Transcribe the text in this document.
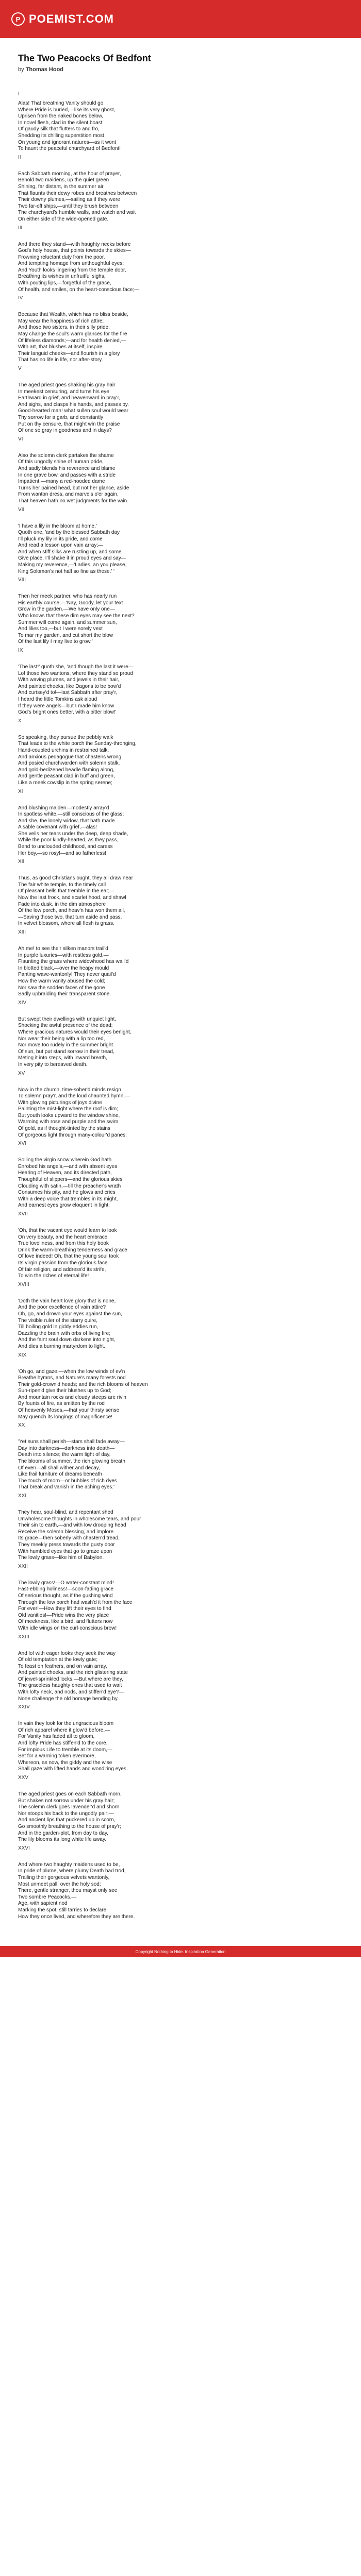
P POEMIST.COM
The Two Peacocks Of Bedfont
by Thomas Hood
I
Alas! That breathing Vanity should go
Where Pride is buried,—like its very ghost,
Uprisen from the naked bones below,
In novel flesh, clad in the silent boast
Of gaudy silk that flutters to and fro,
Shedding its chilling superstition most
On young and ignorant natures—as it wont
To haunt the peaceful churchyard of Bedfont!
II
Each Sabbath morning, at the hour of prayer,
Behold two maidens, up the quiet green
Shining, far distant, in the summer air
That flaunts their dewy robes and breathes between
Their downy plumes,—sailing as if they were
Two far-off ships,—until they brush between
The churchyard's humble walls, and watch and wait
On either side of the wide-opened gate.
III
And there they stand—with haughty necks before
God's holy house, that points towards the skies—
Frowning reluctant duty from the poor,
And tempting homage from unthoughtful eyes:
And Youth looks lingering from the temple door,
Breathing its wishes in unfruitful sighs,
With pouting lips,—forgetful of the grace,
Of health, and smiles, on the heart-conscious face;—
IV
Because that Wealth, which has no bliss beside,
May wear the happiness of rich attire;
And those two sisters, in their silly pride,
May change the soul's warm glances for the fire
Of lifeless diamonds;—and for health denied,—
With art, that blushes at itself, inspire
Their languid cheeks—and flourish in a glory
That has no life in life, nor after-story.
V
The aged priest goes shaking his gray hair
In meekest censuring, and turns his eye
Earthward in grief, and heavenward in pray'r,
And sighs, and clasps his hands, and passes by.
Good-hearted man! what sullen soul would wear
Thy sorrow for a garb, and constantly
Put on thy censure, that might win the praise
Of one so gray in goodness and in days?
VI
Also the solemn clerk partakes the shame
Of this ungodly shine of human pride,
And sadly blends his reverence and blame
In one grave bow, and passes with a stride
Impatient:—many a red-hooded dame
Turns her pained head, but not her glance, aside
From wanton dress, and marvels o'er again,
That heaven hath no wet judgments for the vain.
VII
'I have a lily in the bloom at home,'
Quoth one, 'and by the blessed Sabbath day
I'll pluck my lily in its pride, and come
And read a lesson upon vain array;—
And when stiff silks are rustling up, and some
Give place, I'll shake it in proud eyes and say—
Making my reverence,—'Ladies, an you please,
King Solomon's not half so fine as these.' '
VIII
Then her meek partner, who has nearly run
His earthly course,—'Nay, Goody, let your text
Grow in the garden.—We have only one—
Who knows that these dim eyes may see the next?
Summer will come again, and summer sun,
And lilies too,—but I were sorely vext
To mar my garden, and cut short the blow
Of the last lily I may live to grow.'
IX
'The last!' quoth she, 'and though the last it were—
Lo! those two wantons, where they stand so proud
With waving plumes, and jewels in their hair,
And painted cheeks, like Dagons to be bow'd
And curtsey'd to!—last Sabbath after pray'r,
I heard the little Tomkins ask aloud
If they were angels—but I made him know
God's bright ones better, with a bitter blow!'
X
So speaking, they pursue the pebbly walk
That leads to the white porch the Sunday-thronging,
Hand-coupled urchins in restrained talk,
And anxious pedagogue that chastens wrong,
And posied churchwarden with solemn stalk,
And gold-bedizened beadle flaming along,
And gentle peasant clad in buff and green,
Like a meek cowslip in the spring serene;
XI
And blushing maiden—modestly array'd
In spotless white,—still conscious of the glass;
And she, the lonely widow, that hath made
A sable covenant with grief,—alas!
She veils her tears under the deep, deep shade,
While the poor kindly-hearted, as they pass,
Bend to unclouded childhood, and caress
Her boy,—so rosy!—and so fatherless!
XII
Thus, as good Christians ought, they all draw near
The fair white temple, to the timely call
Of pleasant bells that tremble in the ear;—
Now the last frock, and scarlet hood, and shawl
Fade into dusk, in the dim atmosphere
Of the low porch, and heav'n has won them all,
—Saving those two, that turn aside and pass,
In velvet blossom, where all flesh is grass.
XIII
Ah me! to see their silken manors trail'd
In purple luxuries—with restless gold,—
Flaunting the grass where widowhood has wail'd
In blotted black,—over the heapy mould
Panting wave-wantonly! They never quail'd
How the warm vanity abused the cold;
Nor saw the sodden faces of the gone
Sadly upbraiding their transparent stone.
XIV
But swept their dwellings with unquiet light,
Shocking the awful presence of the dead;
Where gracious natures would their eyes benight,
Nor wear their being with a lip too red,
Nor move too rudely in the summer bright
Of sun, but put stand sorrow in their tread,
Meting it into steps, with inward breath,
In very pity to bereaved death.
XV
Now in the church, time-sober'd minds resign
To solemn pray'r, and the loud chaunted hymn,—
With glowing picturings of joys divine
Painting the mist-light where the roof is dim;
But youth looks upward to the window shine,
Warming with rose and purple and the swim
Of gold, as if thought-tinted by the stains
Of gorgeous light through many-colour'd panes;
XVI
Soiling the virgin snow wherein God hath
Enrobed his angels,—and with absent eyes
Hearing of Heaven, and its directed path,
Thoughtful of slippers—and the glorious skies
Clouding with satin,—till the preacher's wrath
Consumes his pity, and he glows and cries
With a deep voice that trembles in its might,
And earnest eyes grow eloquent in light:
XVII
'Oh, that the vacant eye would learn to look
On very beauty, and the heart embrace
True loveliness, and from this holy book
Drink the warm-breathing tenderness and grace
Of love indeed! Oh, that the young soul took
Its virgin passion from the glorious face
Of fair religion, and address'd its strife,
To win the riches of eternal life!
XVIII
'Doth the vain heart love glory that is none,
And the poor excellence of vain attire?
Oh, go, and drown your eyes against the sun,
The visible ruler of the starry quire,
Till boiling gold in giddy eddies run,
Dazzling the brain with orbs of living fire;
And the faint soul down darkens into night,
And dies a burning martyrdom to light.
XIX
'Oh go, and gaze,—when the low winds of ev'n
Breathe hymns, and Nature's many forests nod
Their gold-crown'd heads; and the rich blooms of heaven
Sun-ripen'd give their blushes up to God;
And mountain rocks and cloudy steeps are riv'n
By founts of fire, as smitten by the rod
Of heavenly Moses,—that your thirsty sense
May quench its longings of magnificence!
XX
'Yet suns shall perish—stars shall fade away—
Day into darkness—darkness into death—
Death into silence; the warm light of day,
The blooms of summer, the rich glowing breath
Of even—all shall wither and decay,
Like frail furniture of dreams beneath
The touch of morn—or bubbles of rich dyes
That break and vanish in the aching eyes.'
XXI
They hear, soul-blind, and repentant shed
Unwholesome thoughts in wholesome tears, and pour
Their sin to earth,—and with low drooping head
Receive the solemn blessing, and implore
Its grace—then soberly with chasten'd tread,
They meekly press towards the gusty door
With humbled eyes that go to graze upon
The lowly grass—like him of Babylon.
XXII
The lowly grass!—O water-constant mind!
Fast-ebbing holiness!—soon-fading grace
Of serious thought, as if the gushing wind
Through the low porch had wash'd it from the face
For ever!—How they lift their eyes to find
Old vanities!—Pride wins the very place
Of meekness, like a bird, and flutters now
With idle wings on the curl-conscious brow!
XXIII
And lo! with eager looks they seek the way
Of old temptation at the lowly gate;
To feast on feathers, and on vain array,
And painted cheeks, and the rich glistering state
Of jewel-sprinkled locks.—But where are they,
The graceless haughty ones that used to wait
With lofty neck, and nods, and stiffen'd eye?—
None challenge the old homage bending by.
XXIV
In vain they look for the ungracious bloom
Of rich apparel where it glow'd before,—
For Vanity has faded all to gloom,
And lofty Pride has stiffen'd to the core,
For impious Life to tremble at its doom,—
Set for a warning token evermore,
Whereon, as now, the giddy and the wise
Shall gaze with lifted hands and wond'ring eyes.
XXV
The aged priest goes on each Sabbath morn,
But shakes not sorrow under his gray hair;
The solemn clerk goes lavender'd and shorn
Nor stoops his back to the ungodly pair;—
And ancient lips that puckered up in scorn,
Go smoothly breathing to the house of pray'r;
And in the garden-plot, from day to day,
The lily blooms its long white life away.
XXVI
And where two haughty maidens used to be,
In pride of plume, where plumy Death had trod,
Trailing their gorgeous velvets wantonly,
Most unmeet pall, over the holy sod;
There, gentle stranger, thou mayst only see
Two sombre Peacocks.—
Age, with sapient nod
Marking the spot, still tarries to declare
How they once lived, and wherefore they are there.
Copyright Nothing to Hide. Inspiration Generation
